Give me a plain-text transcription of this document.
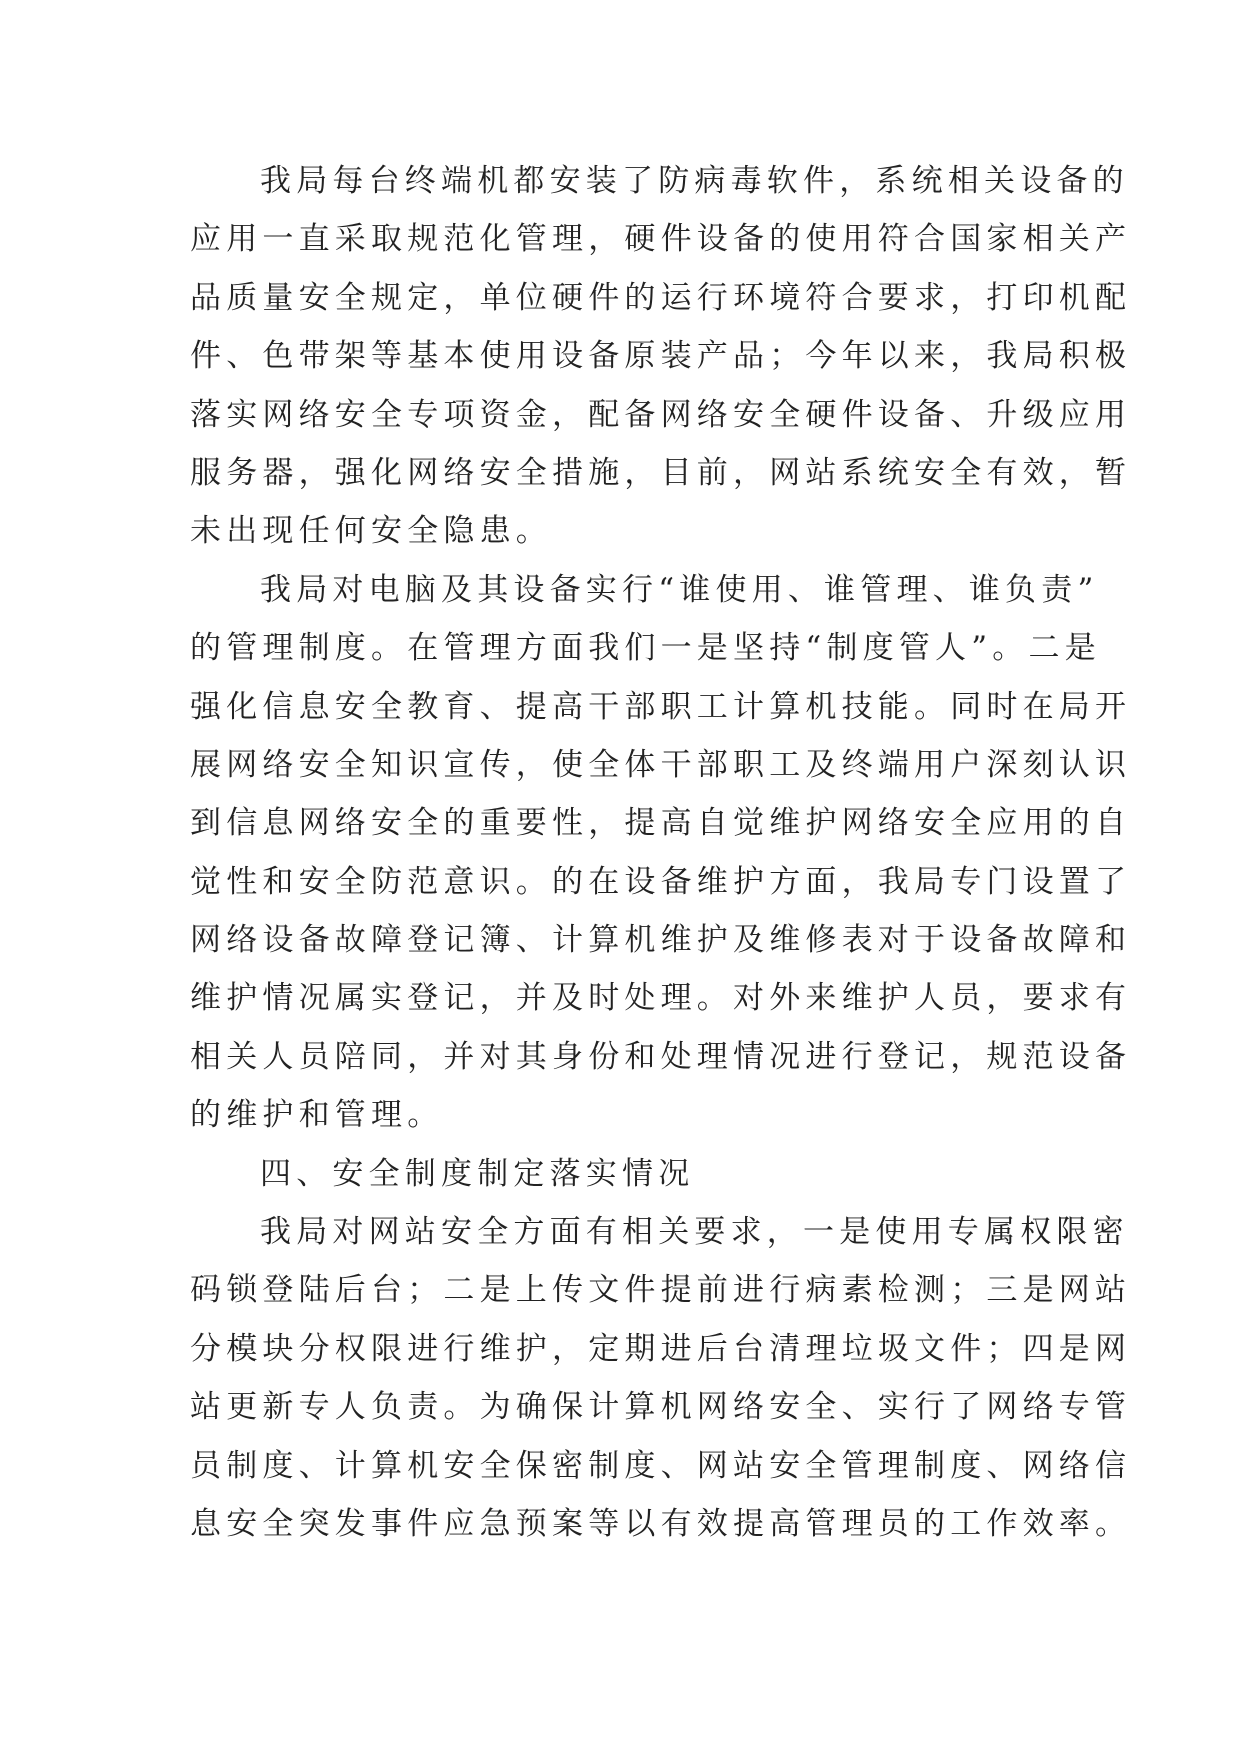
我局每台终端机都安装了防病毒软件，系统相关设备的
应用一直采取规范化管理，硬件设备的使用符合国家相关产
品质量安全规定，单位硬件的运行环境符合要求，打印机配
件、色带架等基本使用设备原装产品；今年以来，我局积极
落实网络安全专项资金，配备网络安全硬件设备、升级应用
服务器，强化网络安全措施，目前，网站系统安全有效，暂
未出现任何安全隐患。
我局对电脑及其设备实行“谁使用、谁管理、谁负责”
的管理制度。在管理方面我们一是坚持“制度管人”。二是
强化信息安全教育、提高干部职工计算机技能。同时在局开
展网络安全知识宣传，使全体干部职工及终端用户深刻认识
到信息网络安全的重要性，提高自觉维护网络安全应用的自
觉性和安全防范意识。的在设备维护方面，我局专门设置了
网络设备故障登记簿、计算机维护及维修表对于设备故障和
维护情况属实登记，并及时处理。对外来维护人员，要求有
相关人员陪同，并对其身份和处理情况进行登记，规范设备
的维护和管理。
四、安全制度制定落实情况
我局对网站安全方面有相关要求，一是使用专属权限密
码锁登陆后台；二是上传文件提前进行病素检测；三是网站
分模块分权限进行维护，定期进后台清理垃圾文件；四是网
站更新专人负责。为确保计算机网络安全、实行了网络专管
员制度、计算机安全保密制度、网站安全管理制度、网络信
息安全突发事件应急预案等以有效提高管理员的工作效率。
